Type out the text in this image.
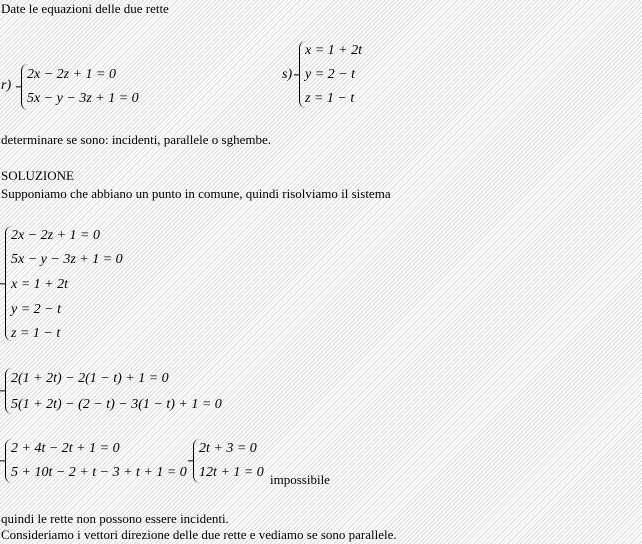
Date le equazioni delle due rette
r)
2x − 2z + 1 = 0
5x − y − 3z + 1 = 0
s)
x = 1 + 2t
y = 2 − t
z = 1 − t
determinare se sono: incidenti, parallele o sghembe.
SOLUZIONE
Supponiamo che abbiano un punto in comune, quindi risolviamo il sistema
2x − 2z + 1 = 0
5x − y − 3z + 1 = 0
x = 1 + 2t
y = 2 − t
z = 1 − t
2(1 + 2t) − 2(1 − t) + 1 = 0
5(1 + 2t) − (2 − t) − 3(1 − t) + 1 = 0
2 + 4t − 2t + 1 = 0
5 + 10t − 2 + t − 3 + t + 1 = 0
2t + 3 = 0
12t + 1 = 0 impossibile
quindi le rette non possono essere incidenti.
Consideriamo i vettori direzione delle due rette e vediamo se sono parallele.
